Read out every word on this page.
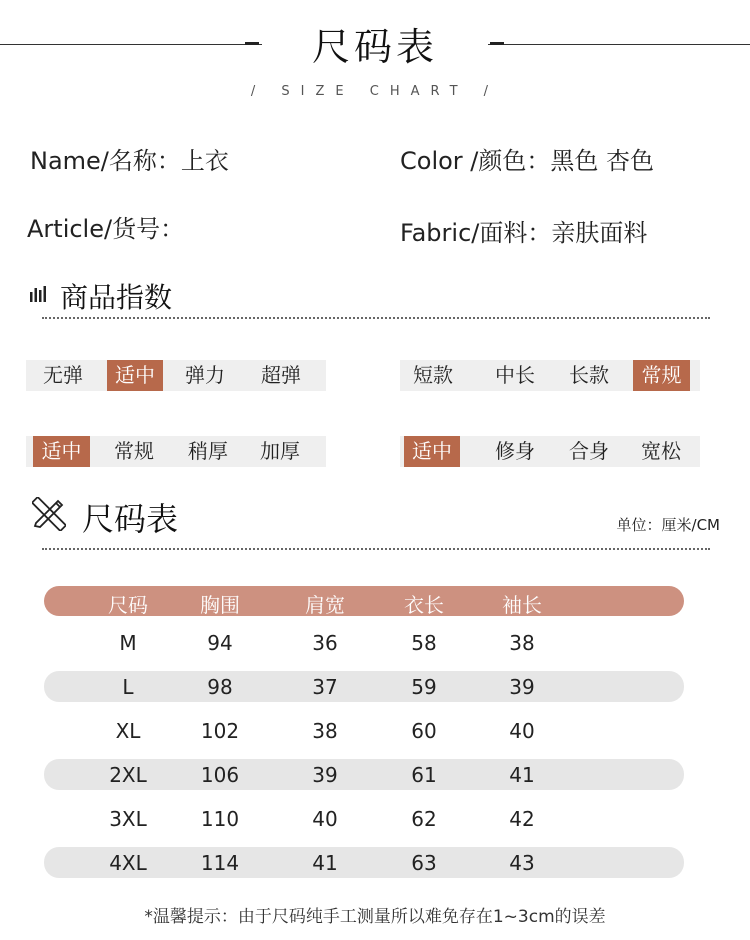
尺码表
/ SIZE CHART /
Name/名称：上衣	Color /颜色：黑色 杏色
Article/货号：	Fabric/面料：亲肤面料
商品指数
无弹	适中	弹力	超弹	短款	中长	长款	常规
适中	常规	稍厚	加厚	适中	修身	合身	宽松
尺码表	单位：厘米/CM
尺码	胸围	肩宽	衣长	袖长
M	94	36	58	38
L	98	37	59	39
XL	102	38	60	40
2XL	106	39	61	41
3XL	110	40	62	42
4XL	114	41	63	43
*温馨提示：由于尺码纯手工测量所以难免存在1~3cm的误差
